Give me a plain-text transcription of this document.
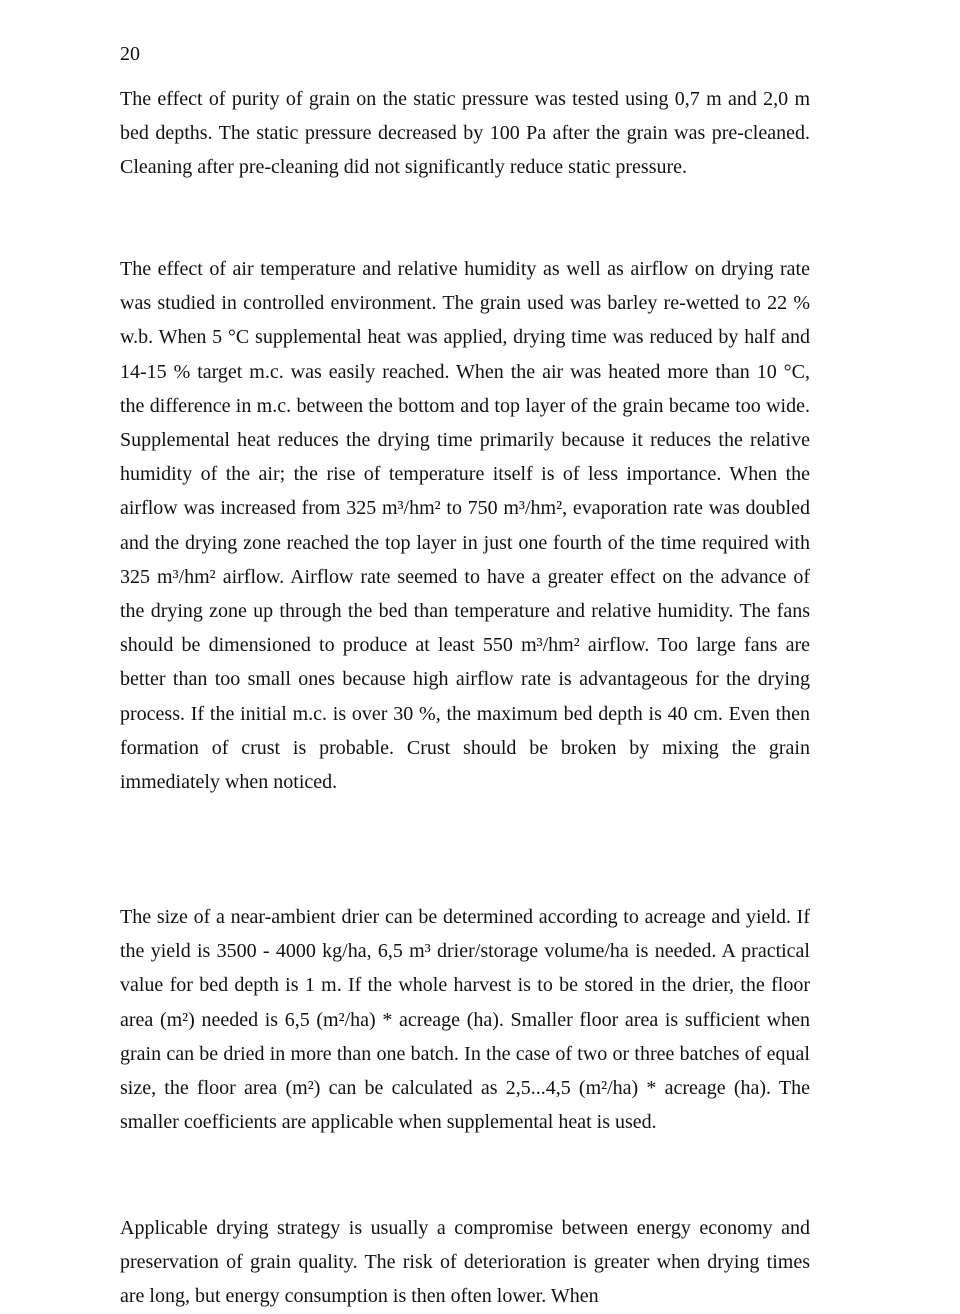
20

The effect of purity of grain on the static pressure was tested using 0,7 m and 2,0 m bed depths. The static pressure decreased by 100 Pa after the grain was pre-cleaned. Cleaning after pre-cleaning did not significantly reduce static pressure.

The effect of air temperature and relative humidity as well as airflow on drying rate was studied in controlled environment. The grain used was barley re-wetted to 22 % w.b. When 5 °C supplemental heat was applied, drying time was reduced by half and 14-15 % target m.c. was easily reached. When the air was heated more than 10 °C, the difference in m.c. between the bottom and top layer of the grain became too wide. Supplemental heat reduces the drying time primarily because it reduces the relative humidity of the air; the rise of temperature itself is of less importance. When the airflow was increased from 325 m³/hm² to 750 m³/hm², evaporation rate was doubled and the drying zone reached the top layer in just one fourth of the time required with 325 m³/hm² airflow. Airflow rate seemed to have a greater effect on the advance of the drying zone up through the bed than temperature and relative humidity. The fans should be dimensioned to produce at least 550 m³/hm² airflow. Too large fans are better than too small ones because high airflow rate is advantageous for the drying process. If the initial m.c. is over 30 %, the maximum bed depth is 40 cm. Even then formation of crust is probable. Crust should be broken by mixing the grain immediately when noticed.

The size of a near-ambient drier can be determined according to acreage and yield. If the yield is 3500 - 4000 kg/ha, 6,5 m³ drier/storage volume/ha is needed. A practical value for bed depth is 1 m. If the whole harvest is to be stored in the drier, the floor area (m²) needed is 6,5 (m²/ha) * acreage (ha). Smaller floor area is sufficient when grain can be dried in more than one batch. In the case of two or three batches of equal size, the floor area (m²) can be calculated as 2,5...4,5 (m²/ha) * acreage (ha). The smaller coefficients are applicable when supplemental heat is used.

Applicable drying strategy is usually a compromise between energy economy and preservation of grain quality. The risk of deterioration is greater when drying times are long, but energy consumption is then often lower. When
